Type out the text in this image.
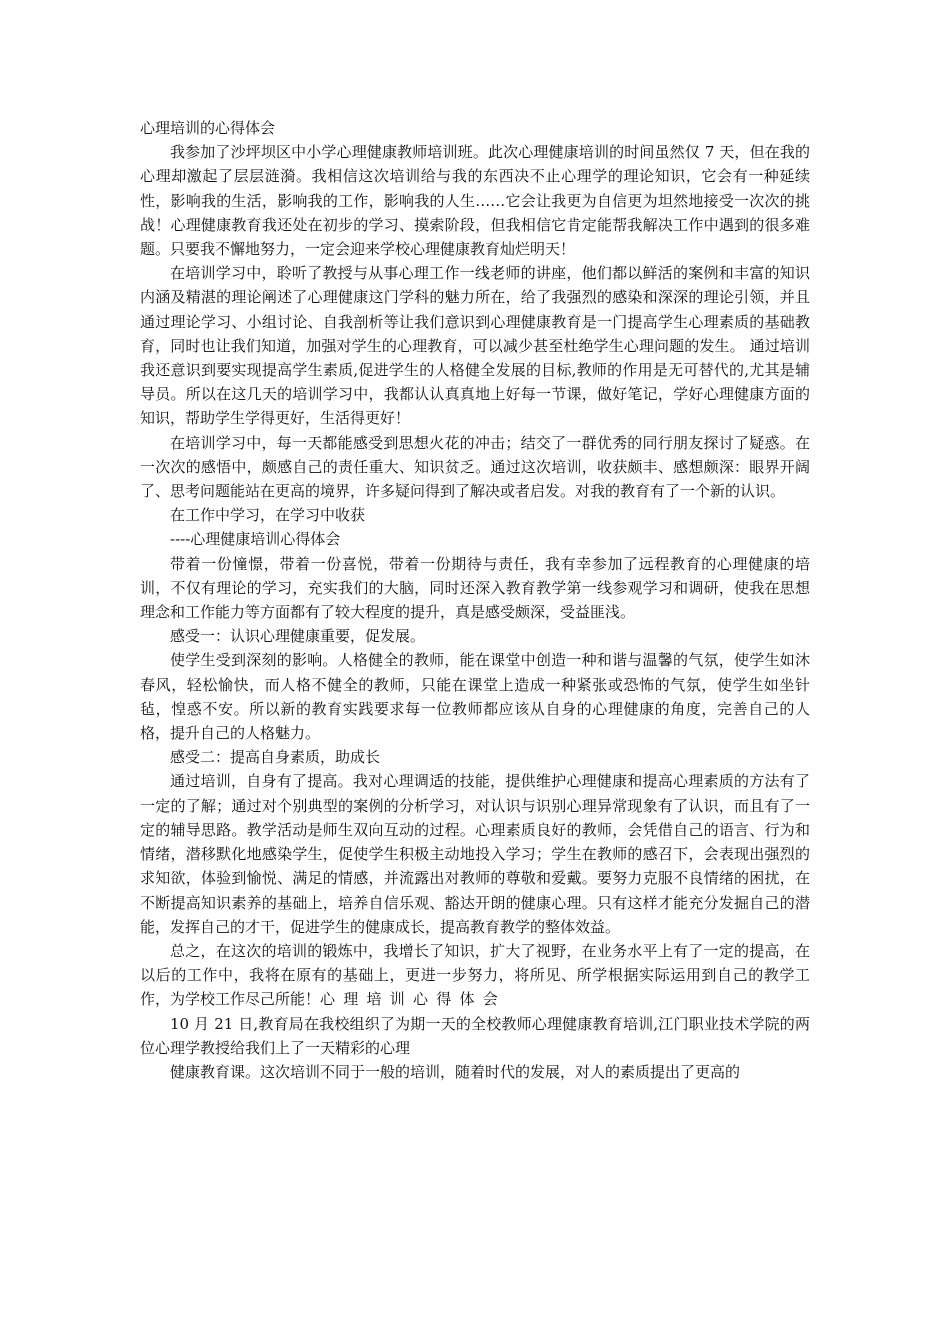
心理培训的心得体会

我参加了沙坪坝区中小学心理健康教师培训班。此次心理健康培训的时间虽然仅 7 天，但在我的心理却激起了层层涟漪。我相信这次培训给与我的东西决不止心理学的理论知识，它会有一种延续性，影响我的生活，影响我的工作，影响我的人生……它会让我更为自信更为坦然地接受一次次的挑战！心理健康教育我还处在初步的学习、摸索阶段，但我相信它肯定能帮我解决工作中遇到的很多难题。只要我不懈地努力，一定会迎来学校心理健康教育灿烂明天！

在培训学习中，聆听了教授与从事心理工作一线老师的讲座，他们都以鲜活的案例和丰富的知识内涵及精湛的理论阐述了心理健康这门学科的魅力所在，给了我强烈的感染和深深的理论引领，并且通过理论学习、小组讨论、自我剖析等让我们意识到心理健康教育是一门提高学生心理素质的基础教育，同时也让我们知道，加强对学生的心理教育，可以减少甚至杜绝学生心理问题的发生。 通过培训我还意识到要实现提高学生素质,促进学生的人格健全发展的目标,教师的作用是无可替代的,尤其是辅导员。所以在这几天的培训学习中，我都认认真真地上好每一节课，做好笔记，学好心理健康方面的知识，帮助学生学得更好，生活得更好！

在培训学习中，每一天都能感受到思想火花的冲击；结交了一群优秀的同行朋友探讨了疑惑。在一次次的感悟中，颇感自己的责任重大、知识贫乏。通过这次培训，收获颇丰、感想颇深：眼界开阔了、思考问题能站在更高的境界，许多疑问得到了解决或者启发。对我的教育有了一个新的认识。

在工作中学习，在学习中收获

----心理健康培训心得体会

带着一份憧憬，带着一份喜悦，带着一份期待与责任，我有幸参加了远程教育的心理健康的培训，不仅有理论的学习，充实我们的大脑，同时还深入教育教学第一线参观学习和调研，使我在思想理念和工作能力等方面都有了较大程度的提升，真是感受颇深，受益匪浅。

感受一：认识心理健康重要，促发展。

使学生受到深刻的影响。人格健全的教师，能在课堂中创造一种和谐与温馨的气氛，使学生如沐春风，轻松愉快，而人格不健全的教师，只能在课堂上造成一种紧张或恐怖的气氛，使学生如坐针毡，惶惑不安。所以新的教育实践要求每一位教师都应该从自身的心理健康的角度，完善自己的人格，提升自己的人格魅力。

感受二：提高自身素质，助成长

通过培训，自身有了提高。我对心理调适的技能，提供维护心理健康和提高心理素质的方法有了一定的了解；通过对个别典型的案例的分析学习，对认识与识别心理异常现象有了认识，而且有了一定的辅导思路。教学活动是师生双向互动的过程。心理素质良好的教师，会凭借自己的语言、行为和情绪，潜移默化地感染学生，促使学生积极主动地投入学习；学生在教师的感召下，会表现出强烈的求知欲，体验到愉悦、满足的情感，并流露出对教师的尊敬和爱戴。要努力克服不良情绪的困扰，在不断提高知识素养的基础上，培养自信乐观、豁达开朗的健康心理。只有这样才能充分发掘自己的潜能，发挥自己的才干，促进学生的健康成长，提高教育教学的整体效益。

总之，在这次的培训的锻炼中，我增长了知识，扩大了视野，在业务水平上有了一定的提高，在以后的工作中，我将在原有的基础上，更进一步努力，将所见、所学根据实际运用到自己的教学工作，为学校工作尽己所能！心理培训心得体会

10 月 21 日,教育局在我校组织了为期一天的全校教师心理健康教育培训,江门职业技术学院的两位心理学教授给我们上了一天精彩的心理

健康教育课。这次培训不同于一般的培训，随着时代的发展，对人的素质提出了更高的
